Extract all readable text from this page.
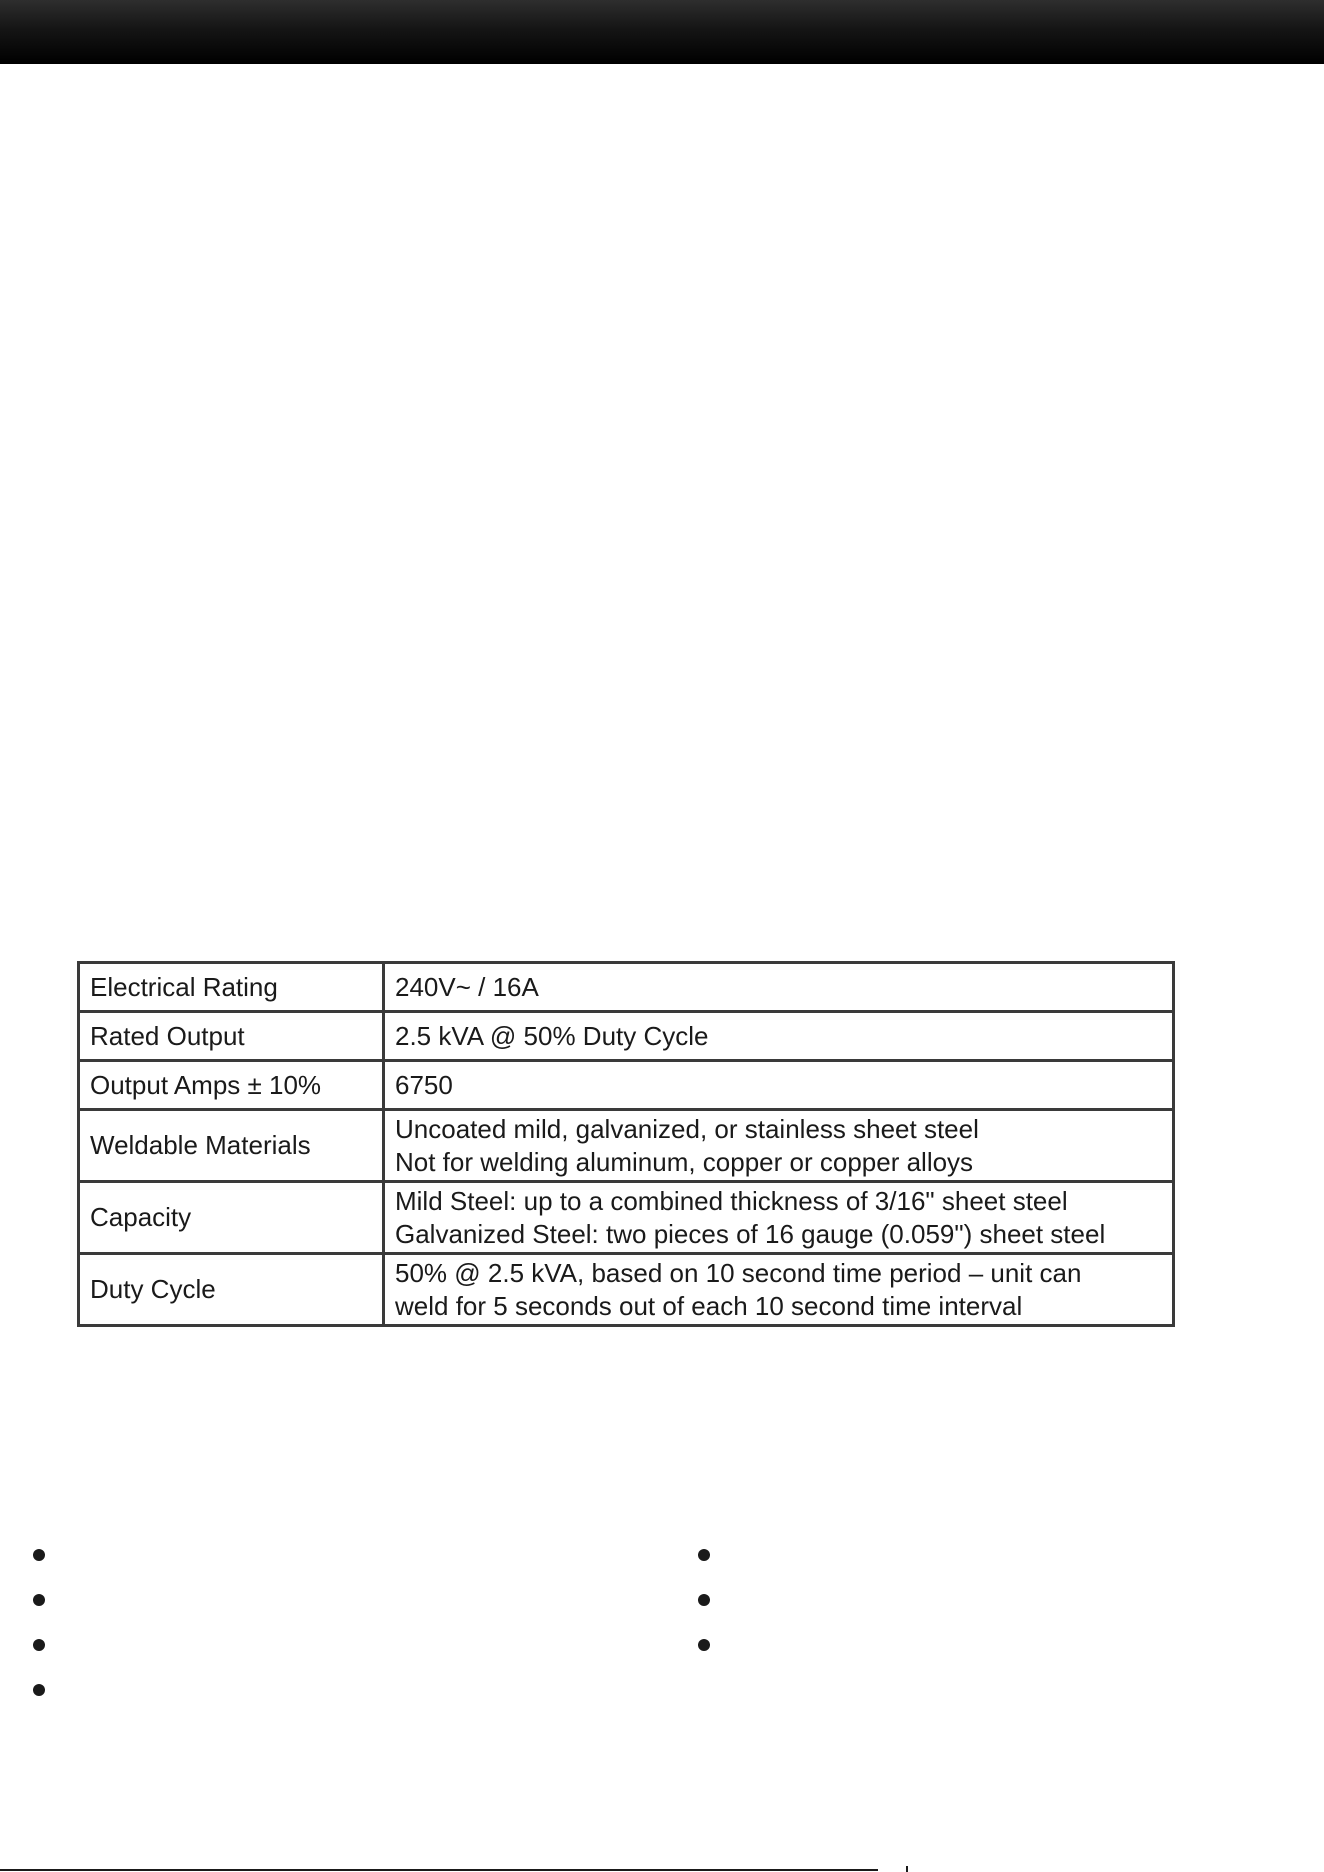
Electrical Rating	240V~ / 16A

Rated Output	2.5 kVA @ 50% Duty Cycle

Output Amps ± 10%	6750

Weldable Materials	Uncoated mild, galvanized, or stainless sheet steel
Not for welding aluminum, copper or copper alloys

Capacity	Mild Steel: up to a combined thickness of 3/16" sheet steel
Galvanized Steel: two pieces of 16 gauge (0.059") sheet steel

Duty Cycle	50% @ 2.5 kVA, based on 10 second time period – unit can
weld for 5 seconds out of each 10 second time interval
